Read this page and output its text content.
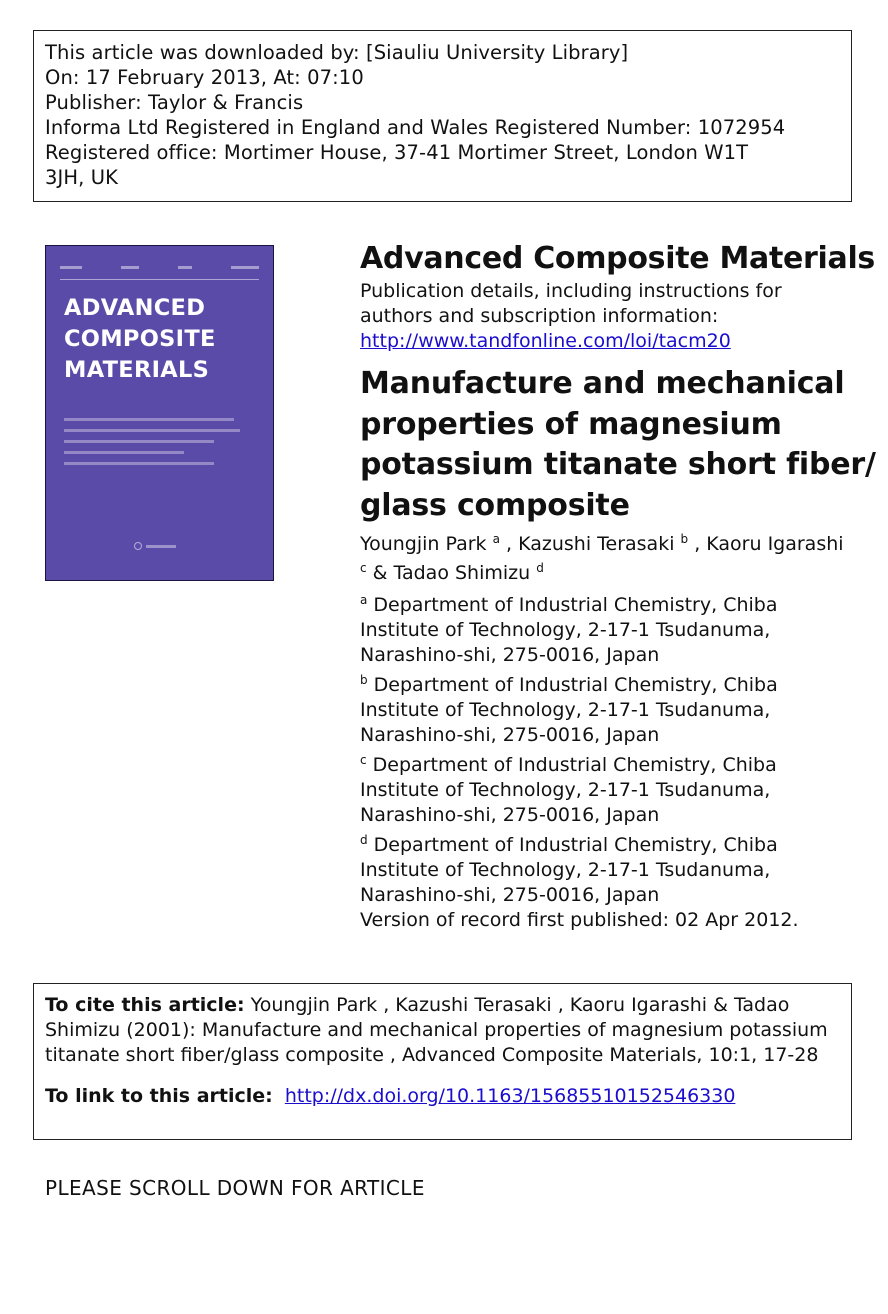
This article was downloaded by: [Siauliu University Library]
On: 17 February 2013, At: 07:10
Publisher: Taylor & Francis
Informa Ltd Registered in England and Wales Registered Number: 1072954
Registered office: Mortimer House, 37-41 Mortimer Street, London W1T
3JH, UK
ADVANCED
COMPOSITE
MATERIALS
Advanced Composite Materials
Publication details, including instructions for
authors and subscription information:
http://www.tandfonline.com/loi/tacm20
Manufacture and mechanical
properties of magnesium
potassium titanate short fiber/
glass composite
Youngjin Park $^a$ , Kazushi Terasaki $^b$ , Kaoru Igarashi
$^c$ & Tadao Shimizu $^d$
$^a$ Department of Industrial Chemistry, Chiba
Institute of Technology, 2-17-1 Tsudanuma,
Narashino-shi, 275-0016, Japan
$^b$ Department of Industrial Chemistry, Chiba
Institute of Technology, 2-17-1 Tsudanuma,
Narashino-shi, 275-0016, Japan
$^c$ Department of Industrial Chemistry, Chiba
Institute of Technology, 2-17-1 Tsudanuma,
Narashino-shi, 275-0016, Japan
$^d$ Department of Industrial Chemistry, Chiba
Institute of Technology, 2-17-1 Tsudanuma,
Narashino-shi, 275-0016, Japan
Version of record first published: 02 Apr 2012.
To cite this article: Youngjin Park , Kazushi Terasaki , Kaoru Igarashi & Tadao
Shimizu (2001): Manufacture and mechanical properties of magnesium potassium
titanate short fiber/glass composite , Advanced Composite Materials, 10:1, 17-28
To link to this article: http://dx.doi.org/10.1163/15685510152546330
PLEASE SCROLL DOWN FOR ARTICLE
